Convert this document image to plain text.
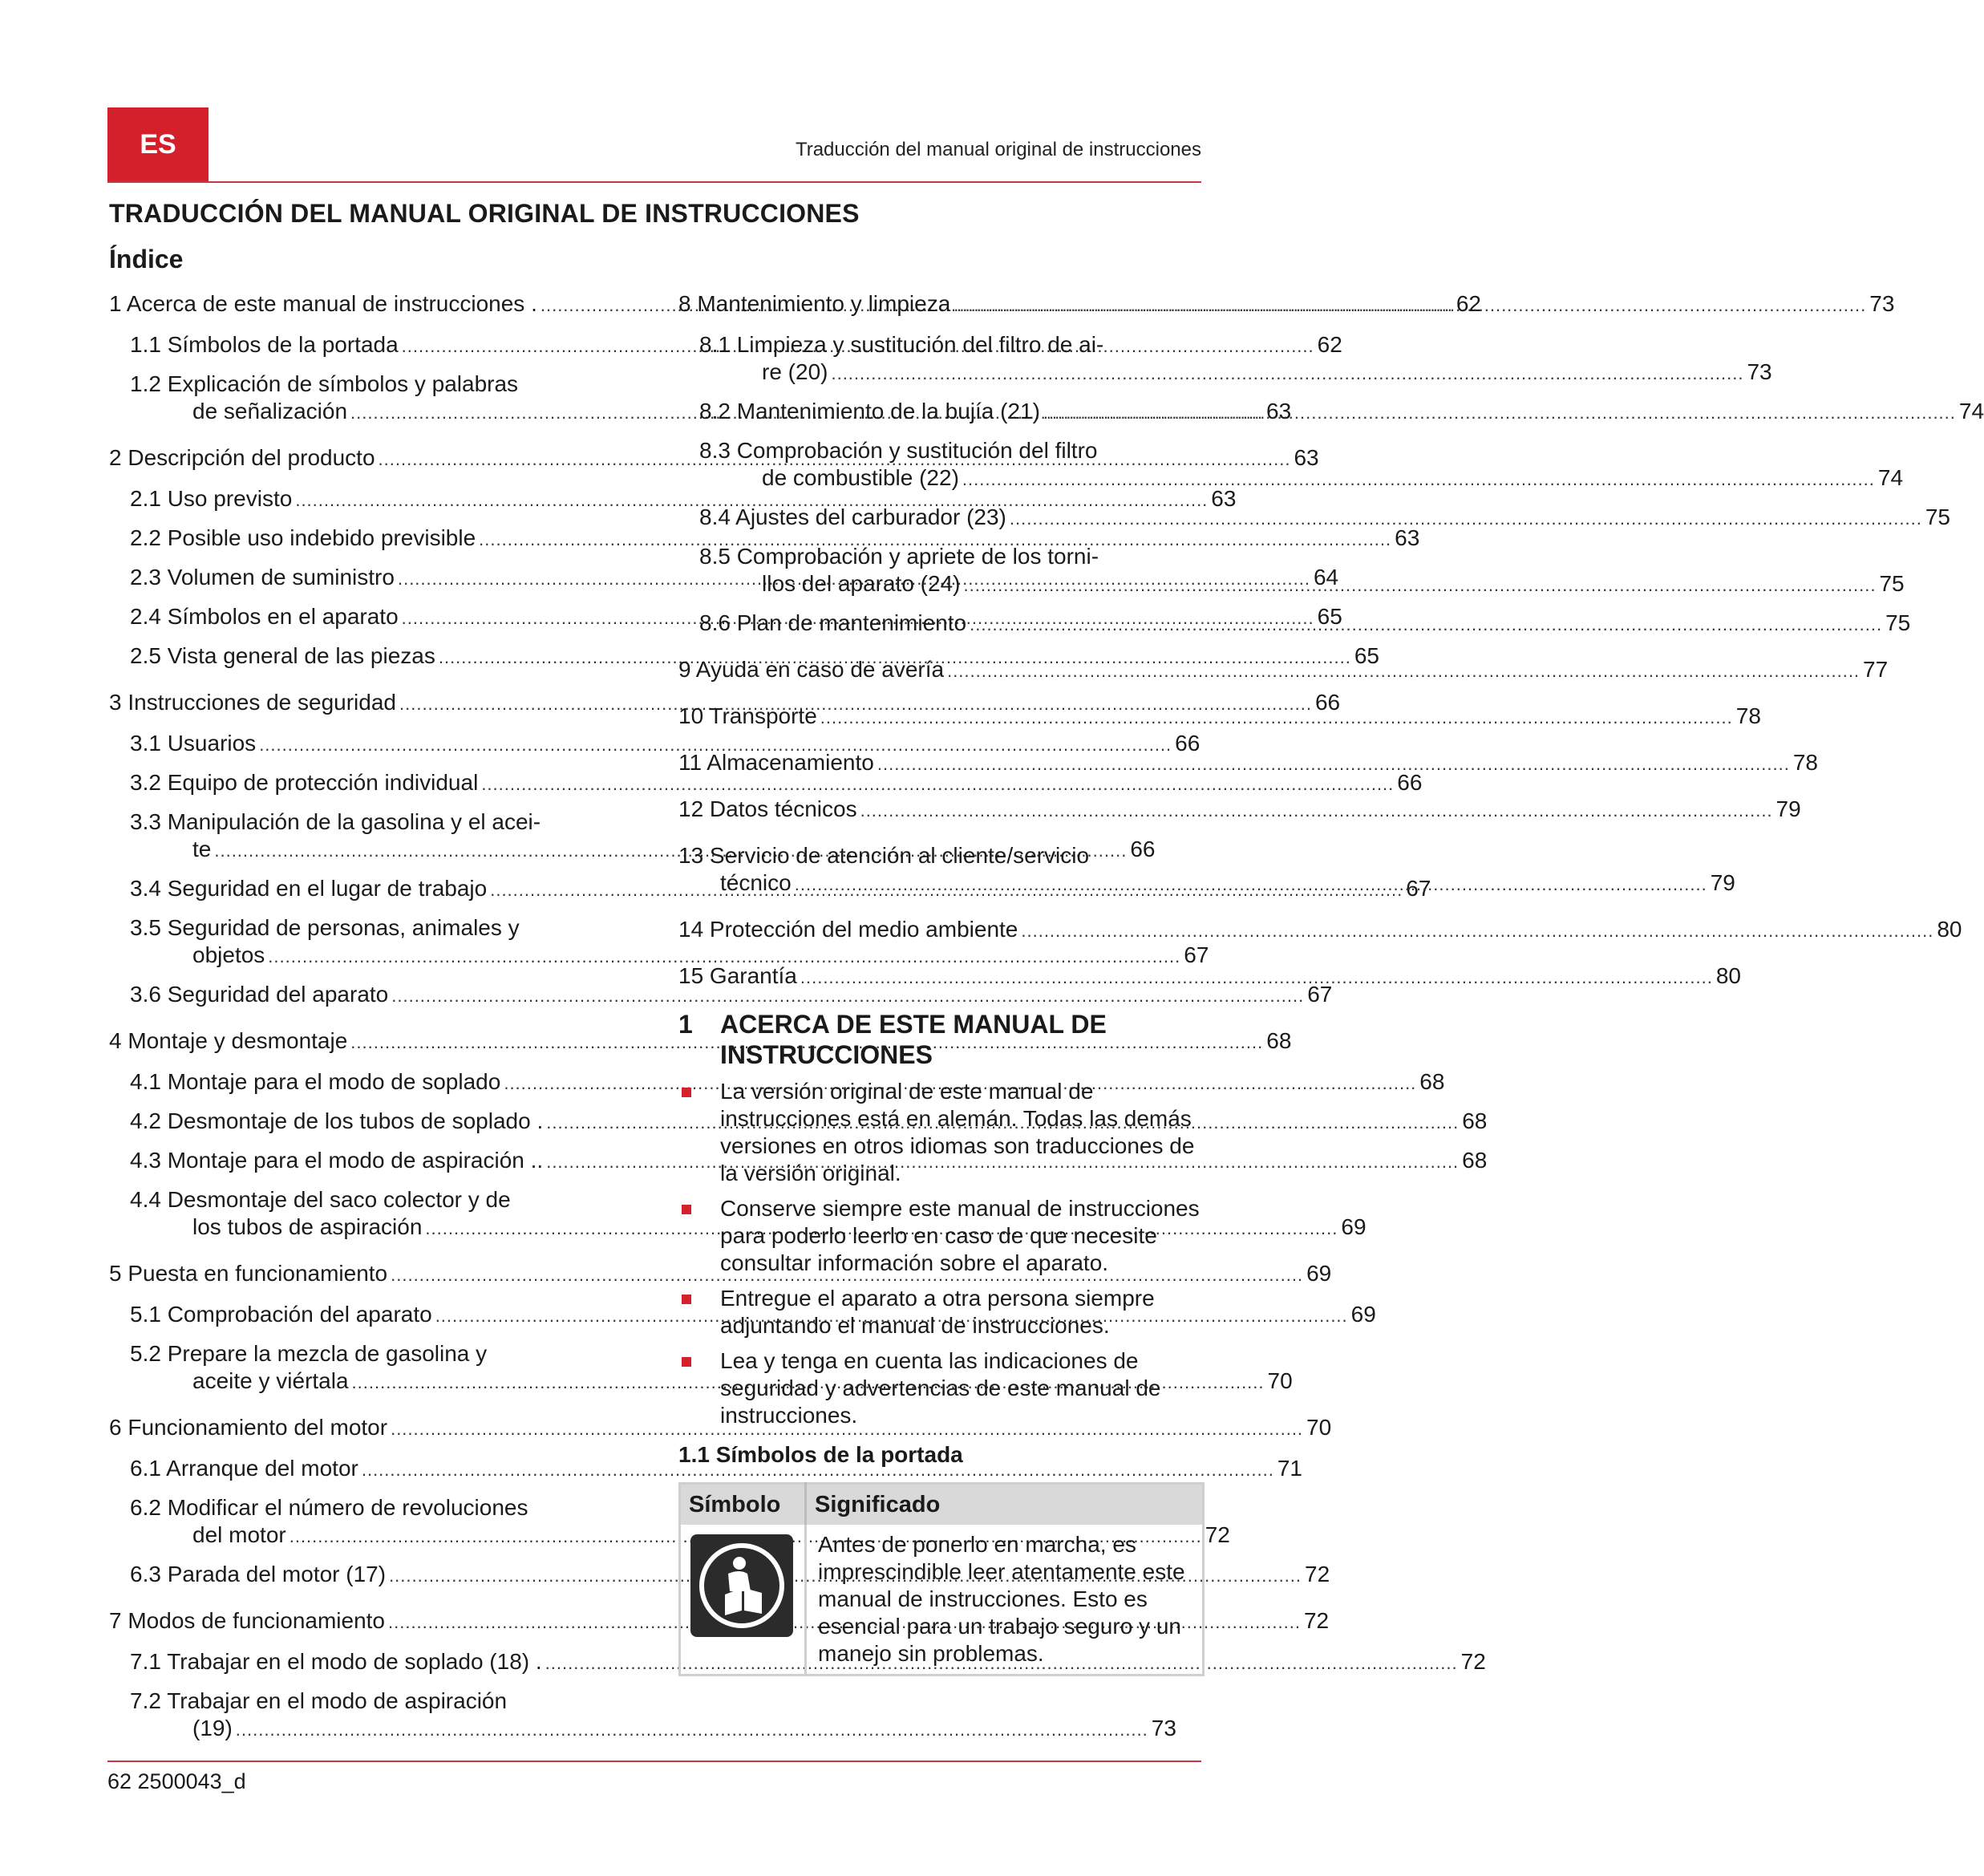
ES	Traducción del manual original de instrucciones
TRADUCCIÓN DEL MANUAL ORIGINAL DE INSTRUCCIONES
Índice
1 Acerca de este manual de instrucciones . .....	62
1.1 Símbolos de la portada .....	62
1.2 Explicación de símbolos y palabras
de señalización .....	63
2 Descripción del producto .....	63
2.1 Uso previsto .....	63
2.2 Posible uso indebido previsible .....	63
2.3 Volumen de suministro .....	64
2.4 Símbolos en el aparato .....	65
2.5 Vista general de las piezas .....	65
3 Instrucciones de seguridad .....	66
3.1 Usuarios .....	66
3.2 Equipo de protección individual .....	66
3.3 Manipulación de la gasolina y el acei-
te .....	66
3.4 Seguridad en el lugar de trabajo .....	67
3.5 Seguridad de personas, animales y
objetos .....	67
3.6 Seguridad del aparato .....	67
4 Montaje y desmontaje .....	68
4.1 Montaje para el modo de soplado .....	68
4.2 Desmontaje de los tubos de soplado . .....	68
4.3 Montaje para el modo de aspiración .. .....	68
4.4 Desmontaje del saco colector y de
los tubos de aspiración .....	69
5 Puesta en funcionamiento .....	69
5.1 Comprobación del aparato .....	69
5.2 Prepare la mezcla de gasolina y
aceite y viértala .....	70
6 Funcionamiento del motor .....	70
6.1 Arranque del motor .....	71
6.2 Modificar el número de revoluciones
del motor .....	72
6.3 Parada del motor (17) .....	72
7 Modos de funcionamiento .....	72
7.1 Trabajar en el modo de soplado (18) . .....	72
7.2 Trabajar en el modo de aspiración
(19) .....	73
8 Mantenimiento y limpieza .....	73
8.1 Limpieza y sustitución del filtro de ai-
re (20) .....	73
8.2 Mantenimiento de la bujía (21) .....	74
8.3 Comprobación y sustitución del filtro
de combustible (22) .....	74
8.4 Ajustes del carburador (23) .....	75
8.5 Comprobación y apriete de los torni-
llos del aparato (24) .....	75
8.6 Plan de mantenimiento .....	75
9 Ayuda en caso de avería .....	77
10 Transporte .....	78
11 Almacenamiento .....	78
12 Datos técnicos .....	79
13 Servicio de atención al cliente/servicio
técnico .....	79
14 Protección del medio ambiente .....	80
15 Garantía .....	80
1 ACERCA DE ESTE MANUAL DE
INSTRUCCIONES
La versión original de este manual de instrucciones está en alemán. Todas las demás versiones en otros idiomas son traducciones de la versión original.
Conserve siempre este manual de instrucciones para poderlo leerlo en caso de que necesite consultar información sobre el aparato.
Entregue el aparato a otra persona siempre adjuntando el manual de instrucciones.
Lea y tenga en cuenta las indicaciones de seguridad y advertencias de este manual de instrucciones.
1.1 Símbolos de la portada
Símbolo	Significado

	Antes de ponerlo en marcha, es imprescindible leer atentamente este manual de instrucciones. Esto es esencial para un trabajo seguro y un manejo sin problemas.
62 2500043_d
